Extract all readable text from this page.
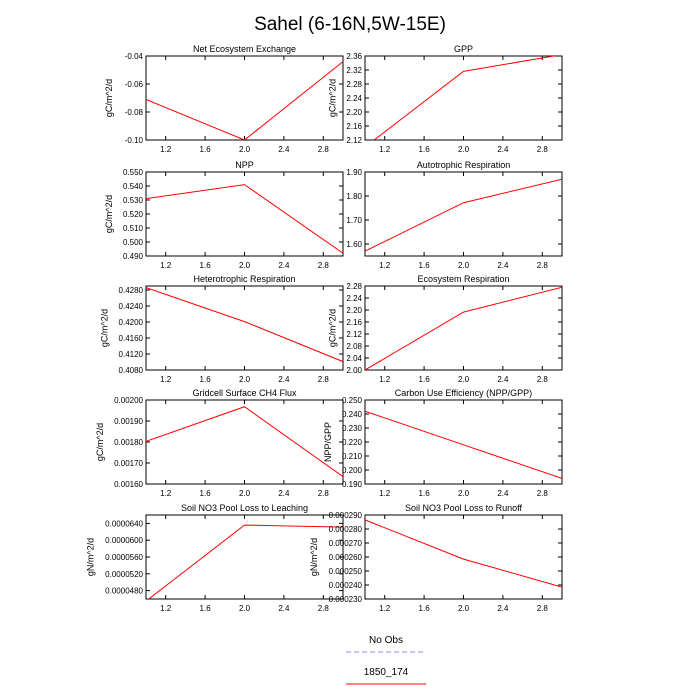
Sahel (6-16N,5W-15E)
Net Ecosystem Exchange
1.2	1.6	2.0	2.4	2.8
-0.10
-0.08
-0.06
-0.04
gC/m^2/d
GPP
1.2	1.6	2.0	2.4	2.8
2.12
2.16
2.20
2.24
2.28
2.32
2.36
gC/m^2/d
NPP
1.2	1.6	2.0	2.4	2.8
0.490
0.500
0.510
0.520
0.530
0.540
0.550
gC/m^2/d
Autotrophic Respiration
1.2	1.6	2.0	2.4	2.8
1.60
1.70
1.80
1.90
Heterotrophic Respiration
1.2	1.6	2.0	2.4	2.8
0.4080
0.4120
0.4160
0.4200
0.4240
0.4280
gC/m^2/d
Ecosystem Respiration
1.2	1.6	2.0	2.4	2.8
2.00
2.04
2.08
2.12
2.16
2.20
2.24
2.28
gC/m^2/d
Gridcell Surface CH4 Flux
1.2	1.6	2.0	2.4	2.8
0.00160
0.00170
0.00180
0.00190
0.00200
gC/m^2/d
Carbon Use Efficiency (NPP/GPP)
1.2	1.6	2.0	2.4	2.8
0.190
0.200
0.210
0.220
0.230
0.240
0.250
NPP/GPP
Soil NO3 Pool Loss to Leaching
1.2	1.6	2.0	2.4	2.8
0.0000480
0.0000520
0.0000560
0.0000600
0.0000640
gN/m^2/d
Soil NO3 Pool Loss to Runoff
1.2	1.6	2.0	2.4	2.8
0.000230
0.000240
0.000250
0.000260
0.000270
0.000280
0.000290
gN/m^2/d
No Obs
1850_174
